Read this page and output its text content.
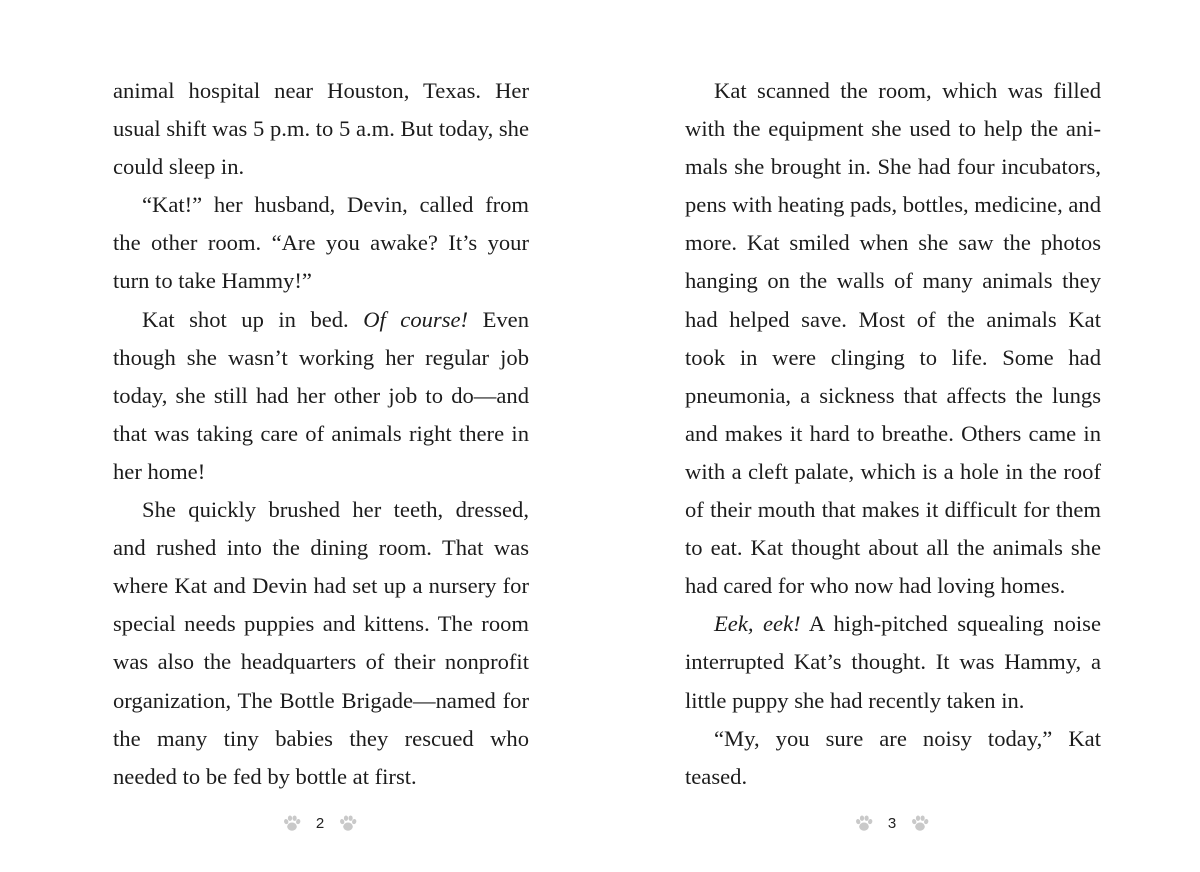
animal hospital near Houston, Texas. Her usual shift was 5 p.m. to 5 a.m. But today, she could sleep in.

“Kat!” her husband, Devin, called from the other room. “Are you awake? It’s your turn to take Hammy!”

Kat shot up in bed. Of course! Even though she wasn’t working her regular job today, she still had her other job to do—and that was taking care of animals right there in her home!

She quickly brushed her teeth, dressed, and rushed into the dining room. That was where Kat and Devin had set up a nursery for special needs puppies and kittens. The room was also the headquarters of their nonprofit organization, The Bottle Brigade—named for the many tiny babies they rescued who needed to be fed by bottle at first.

Kat scanned the room, which was filled with the equipment she used to help the animals she brought in. She had four incubators, pens with heating pads, bottles, medicine, and more. Kat smiled when she saw the photos hanging on the walls of many animals they had helped save. Most of the animals Kat took in were clinging to life. Some had pneumonia, a sickness that affects the lungs and makes it hard to breathe. Others came in with a cleft palate, which is a hole in the roof of their mouth that makes it difficult for them to eat. Kat thought about all the animals she had cared for who now had loving homes.

Eek, eek! A high-pitched squealing noise interrupted Kat’s thought. It was Hammy, a little puppy she had recently taken in.

“My, you sure are noisy today,” Kat teased.

2	3
